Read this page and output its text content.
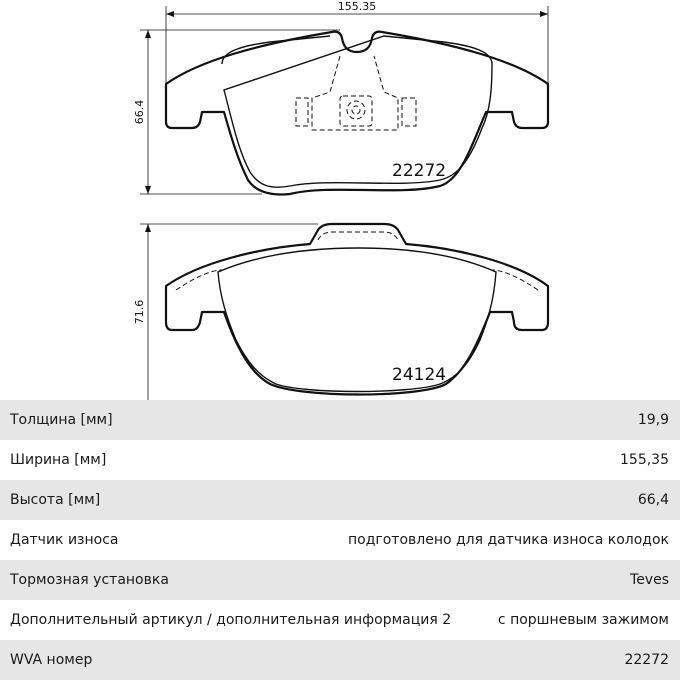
155.35
66.4
22272
71.6
24124
Толщина [мм]	19,9
Ширина [мм]	155,35
Высота [мм]	66,4
Датчик износа	подготовлено для датчика износа колодок
Тормозная установка	Teves
Дополнительный артикул / дополнительная информация 2	с поршневым зажимом
WVA номер	22272
